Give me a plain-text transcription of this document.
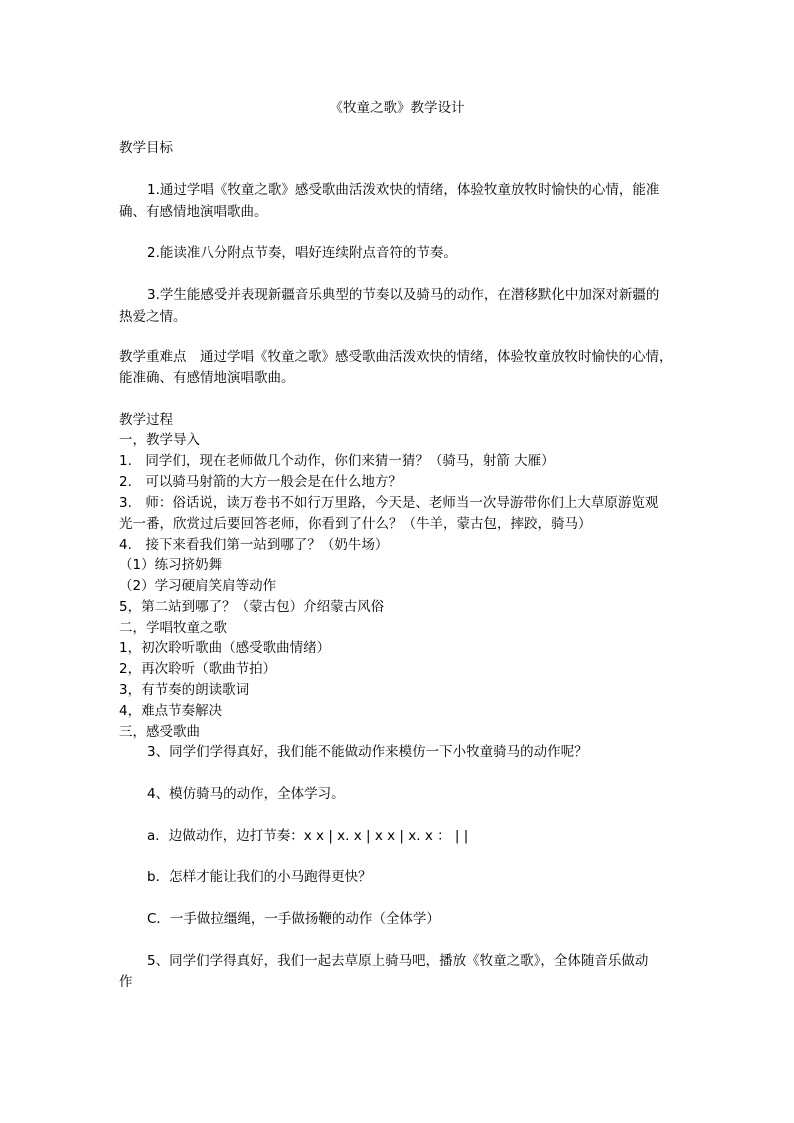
《牧童之歌》教学设计
教学目标
1.通过学唱《牧童之歌》感受歌曲活泼欢快的情绪，体验牧童放牧时愉快的心情，能准
确、有感情地演唱歌曲。
2.能读准八分附点节奏，唱好连续附点音符的节奏。
3.学生能感受并表现新疆音乐典型的节奏以及骑马的动作，在潜移默化中加深对新疆的
热爱之情。
教学重难点　通过学唱《牧童之歌》感受歌曲活泼欢快的情绪，体验牧童放牧时愉快的心情，
能准确、有感情地演唱歌曲。
教学过程
一，教学导入
1.　同学们，现在老师做几个动作，你们来猜一猜？（骑马，射箭 大雁）
2.　可以骑马射箭的大方一般会是在什么地方？
3.　师：俗话说，读万卷书不如行万里路，今天是、老师当一次导游带你们上大草原游览观
光一番，欣赏过后要回答老师，你看到了什么？（牛羊，蒙古包，摔跤，骑马）
4.　接下来看我们第一站到哪了？（奶牛场）
（1）练习挤奶舞
（2）学习硬肩笑肩等动作
5，第二站到哪了？（蒙古包）介绍蒙古风俗
二，学唱牧童之歌
1，初次聆听歌曲（感受歌曲情绪）
2，再次聆听（歌曲节拍）
3，有节奏的朗读歌词
4，难点节奏解决
三，感受歌曲
3、同学们学得真好，我们能不能做动作来模仿一下小牧童骑马的动作呢？
4、模仿骑马的动作，全体学习。
a．边做动作，边打节奏：x x | x. x | x x | x. x ： | |
b．怎样才能让我们的小马跑得更快？
C．一手做拉缰绳，一手做扬鞭的动作（全体学）
5、同学们学得真好，我们一起去草原上骑马吧，播放《牧童之歌》，全体随音乐做动
作
